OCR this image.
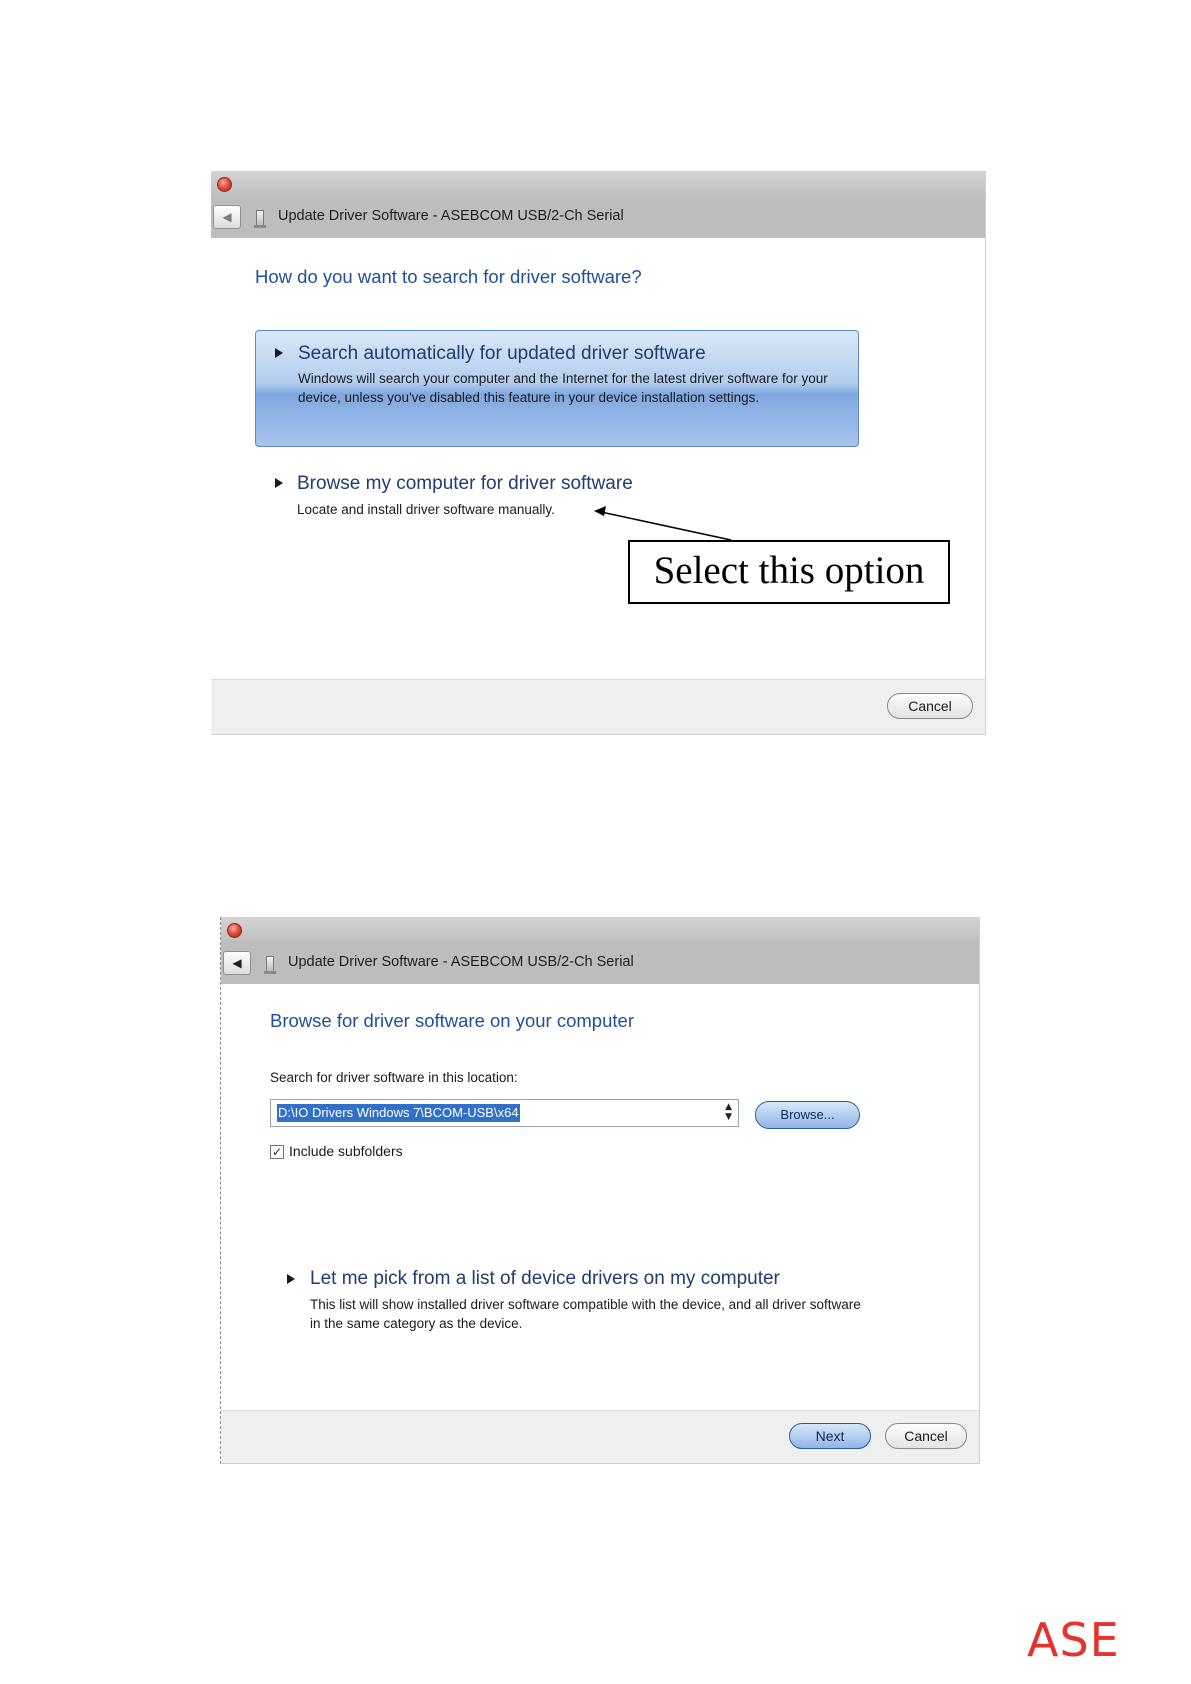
◀	Update Driver Software - ASEBCOM USB/2-Ch Serial
How do you want to search for driver software?
Search automatically for updated driver software
Windows will search your computer and the Internet for the latest driver software for your device, unless you've disabled this feature in your device installation settings.
Browse my computer for driver software
Locate and install driver software manually.
Select this option
Cancel
◀	Update Driver Software - ASEBCOM USB/2-Ch Serial
Browse for driver software on your computer
Search for driver software in this location:
D:\IO Drivers Windows 7\BCOM-USB\x64	▲
▼	Browse...
✓ Include subfolders
Let me pick from a list of device drivers on my computer
This list will show installed driver software compatible with the device, and all driver software in the same category as the device.
Next	Cancel
ASE
